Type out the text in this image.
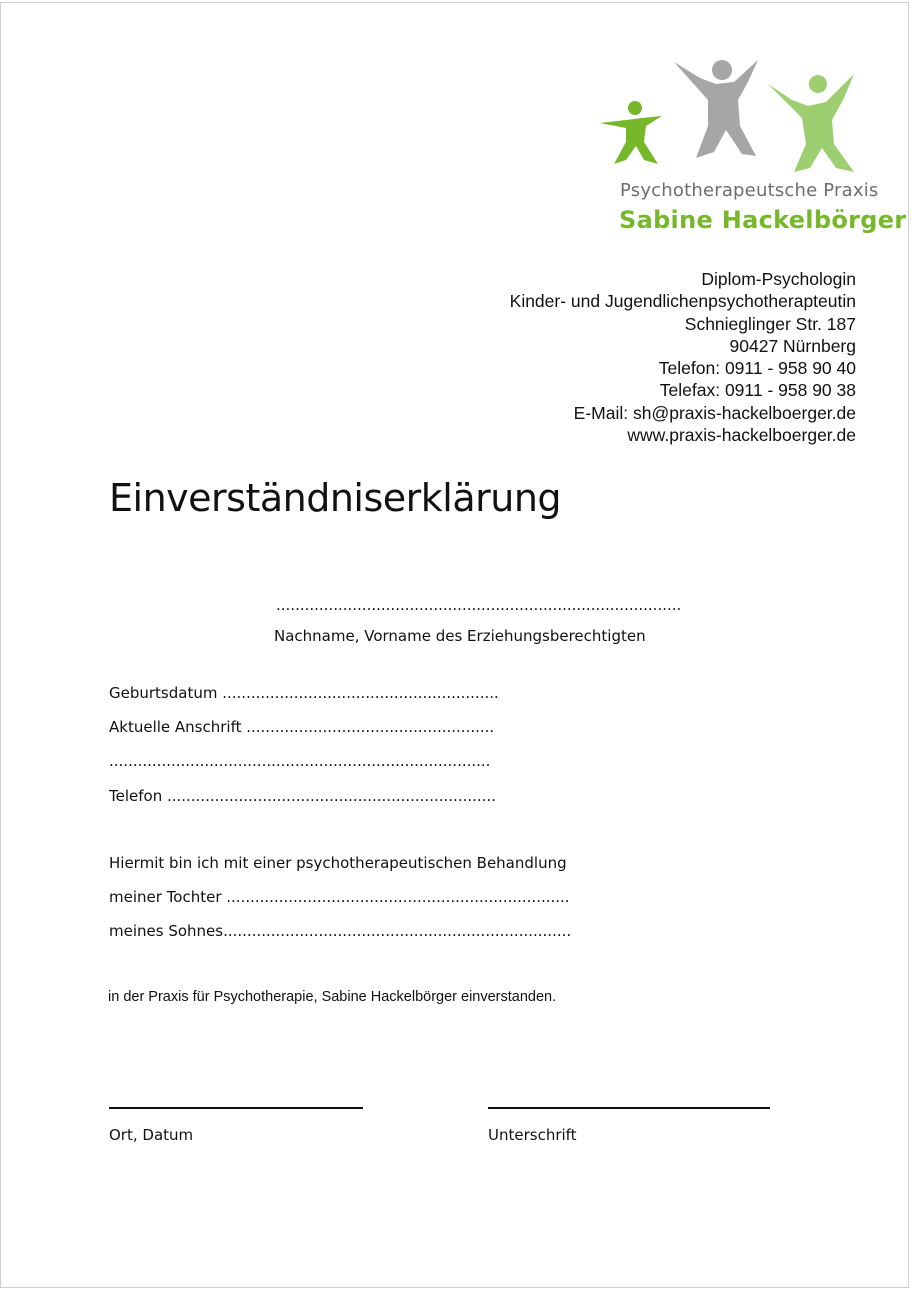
Psychotherapeutsche Praxis
Sabine Hackelbörger
Diplom-Psychologin
Kinder- und Jugendlichenpsychotherapteutin
Schnieglinger Str. 187
90427 Nürnberg
Telefon: 0911 - 958 90 40
Telefax: 0911 - 958 90 38
E-Mail: sh@praxis-hackelboerger.de
www.praxis-hackelboerger.de
Einverständniserklärung
.....................................................................................
Nachname, Vorname des Erziehungsberechtigten
Geburtsdatum ..........................................................
Aktuelle Anschrift ....................................................
................................................................................
Telefon .....................................................................
Hiermit bin ich mit einer psychotherapeutischen Behandlung
meiner Tochter ........................................................................
meines Sohnes.........................................................................
in der Praxis für Psychotherapie, Sabine Hackelbörger einverstanden.
Ort, Datum	Unterschrift
